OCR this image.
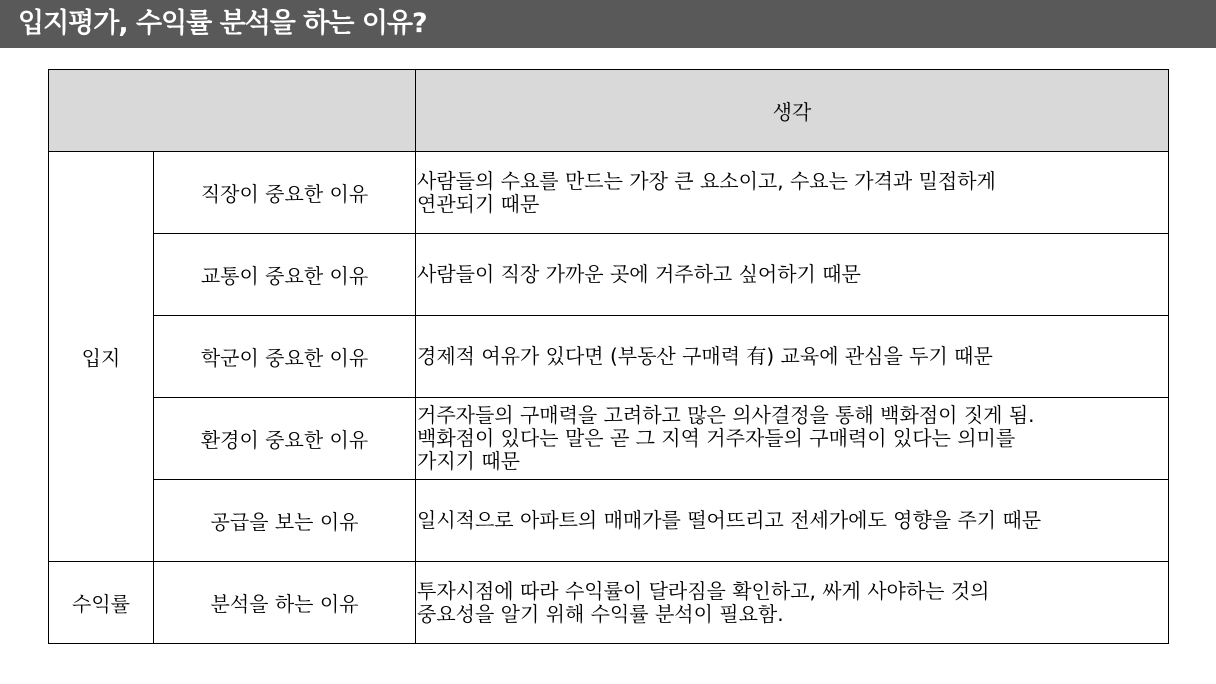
입지평가, 수익률 분석을 하는 이유?
		생각
입지	직장이 중요한 이유	사람들의 수요를 만드는 가장 큰 요소이고, 수요는 가격과 밀접하게
연관되기 때문

	교통이 중요한 이유	사람들이 직장 가까운 곳에 거주하고 싶어하기 때문

	학군이 중요한 이유	경제적 여유가 있다면 (부동산 구매력 有) 교육에 관심을 두기 때문

	환경이 중요한 이유	거주자들의 구매력을 고려하고 많은 의사결정을 통해 백화점이 짓게 됨.
백화점이 있다는 말은 곧 그 지역 거주자들의 구매력이 있다는 의미를
가지기 때문

	공급을 보는 이유	일시적으로 아파트의 매매가를 떨어뜨리고 전세가에도 영향을 주기 때문

수익률	분석을 하는 이유	투자시점에 따라 수익률이 달라짐을 확인하고, 싸게 사야하는 것의
중요성을 알기 위해 수익률 분석이 필요함.
